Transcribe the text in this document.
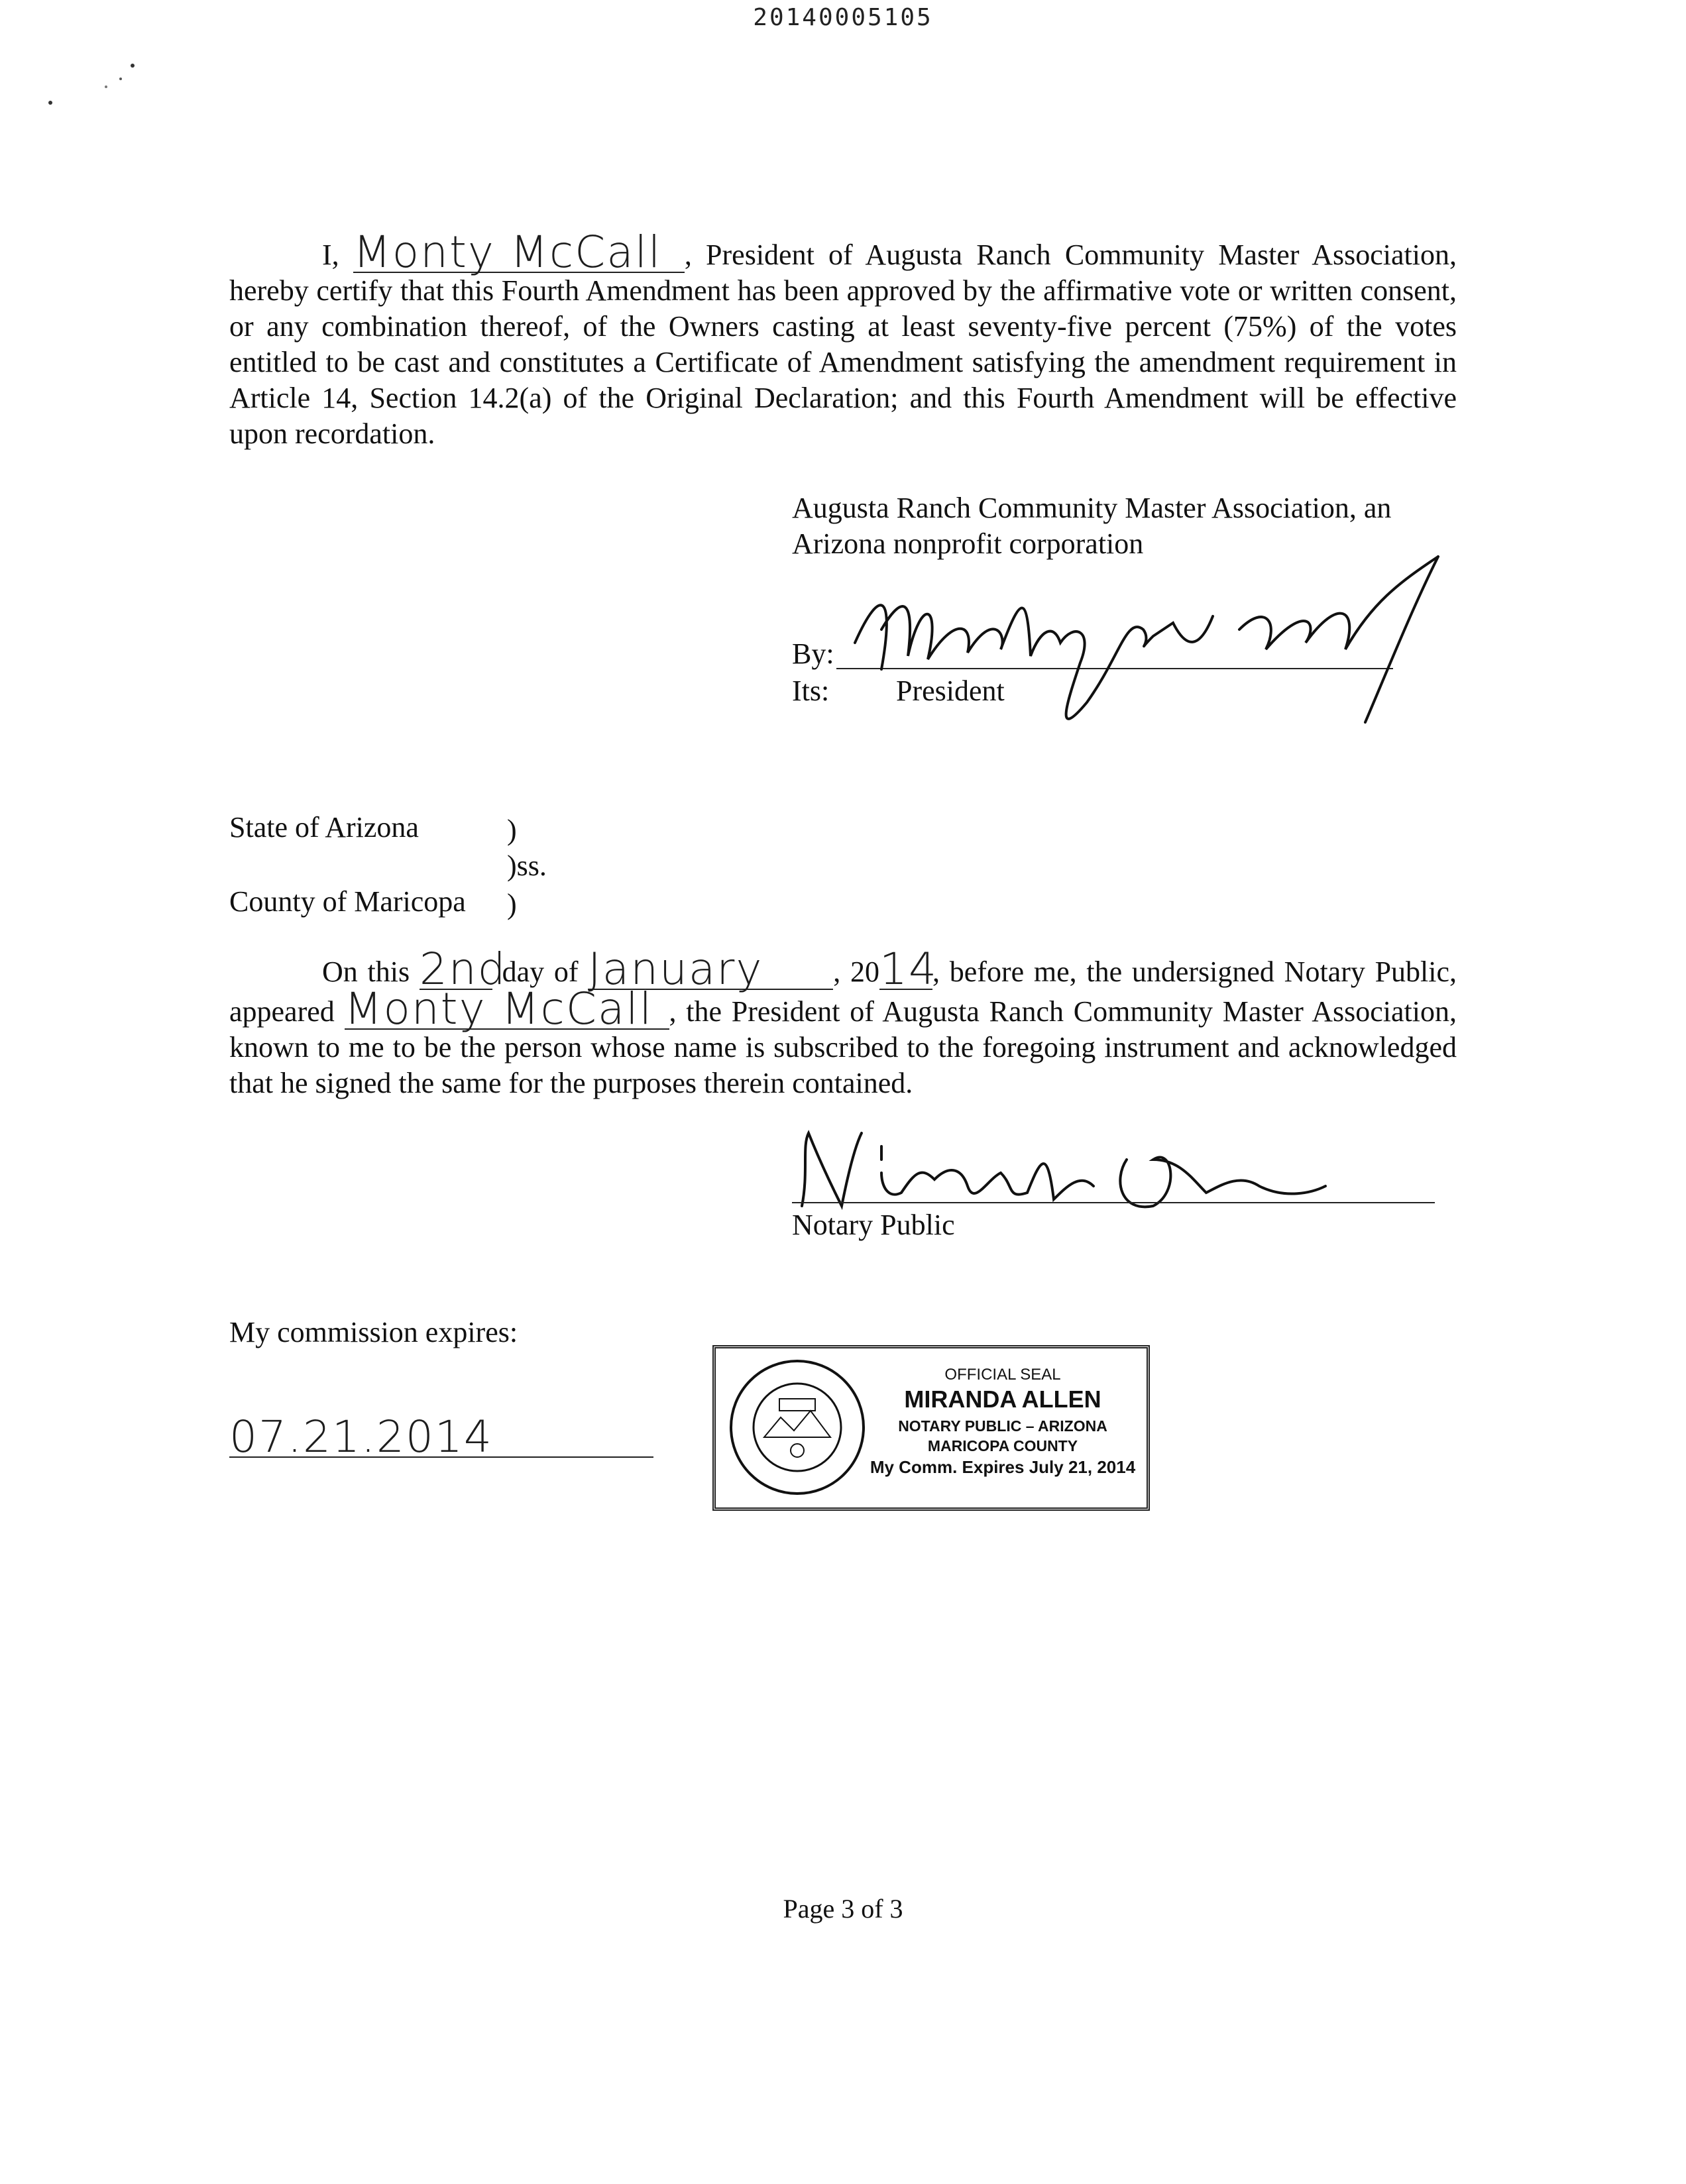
20140005105
I, Monty McCall , President of Augusta Ranch Community Master Association, hereby certify that this Fourth Amendment has been approved by the affirmative vote or written consent, or any combination thereof, of the Owners casting at least seventy-five percent (75%) of the votes entitled to be cast and constitutes a Certificate of Amendment satisfying the amendment requirement in Article 14, Section 14.2(a) of the Original Declaration; and this Fourth Amendment will be effective upon recordation.
Augusta Ranch Community Master Association, an
Arizona nonprofit corporation
By:
Its: President
State of Arizona	)
)ss.
County of Maricopa )
On this 2nd day of January , 2014, before me, the undersigned Notary Public, appeared Monty McCall , the President of Augusta Ranch Community Master Association, known to me to be the person whose name is subscribed to the foregoing instrument and acknowledged that he signed the same for the purposes therein contained.
Notary Public
My commission expires:
07.21.2014
OFFICIAL SEAL
MIRANDA ALLEN
NOTARY PUBLIC – ARIZONA
MARICOPA COUNTY
My Comm. Expires July 21, 2014
Page 3 of 3
